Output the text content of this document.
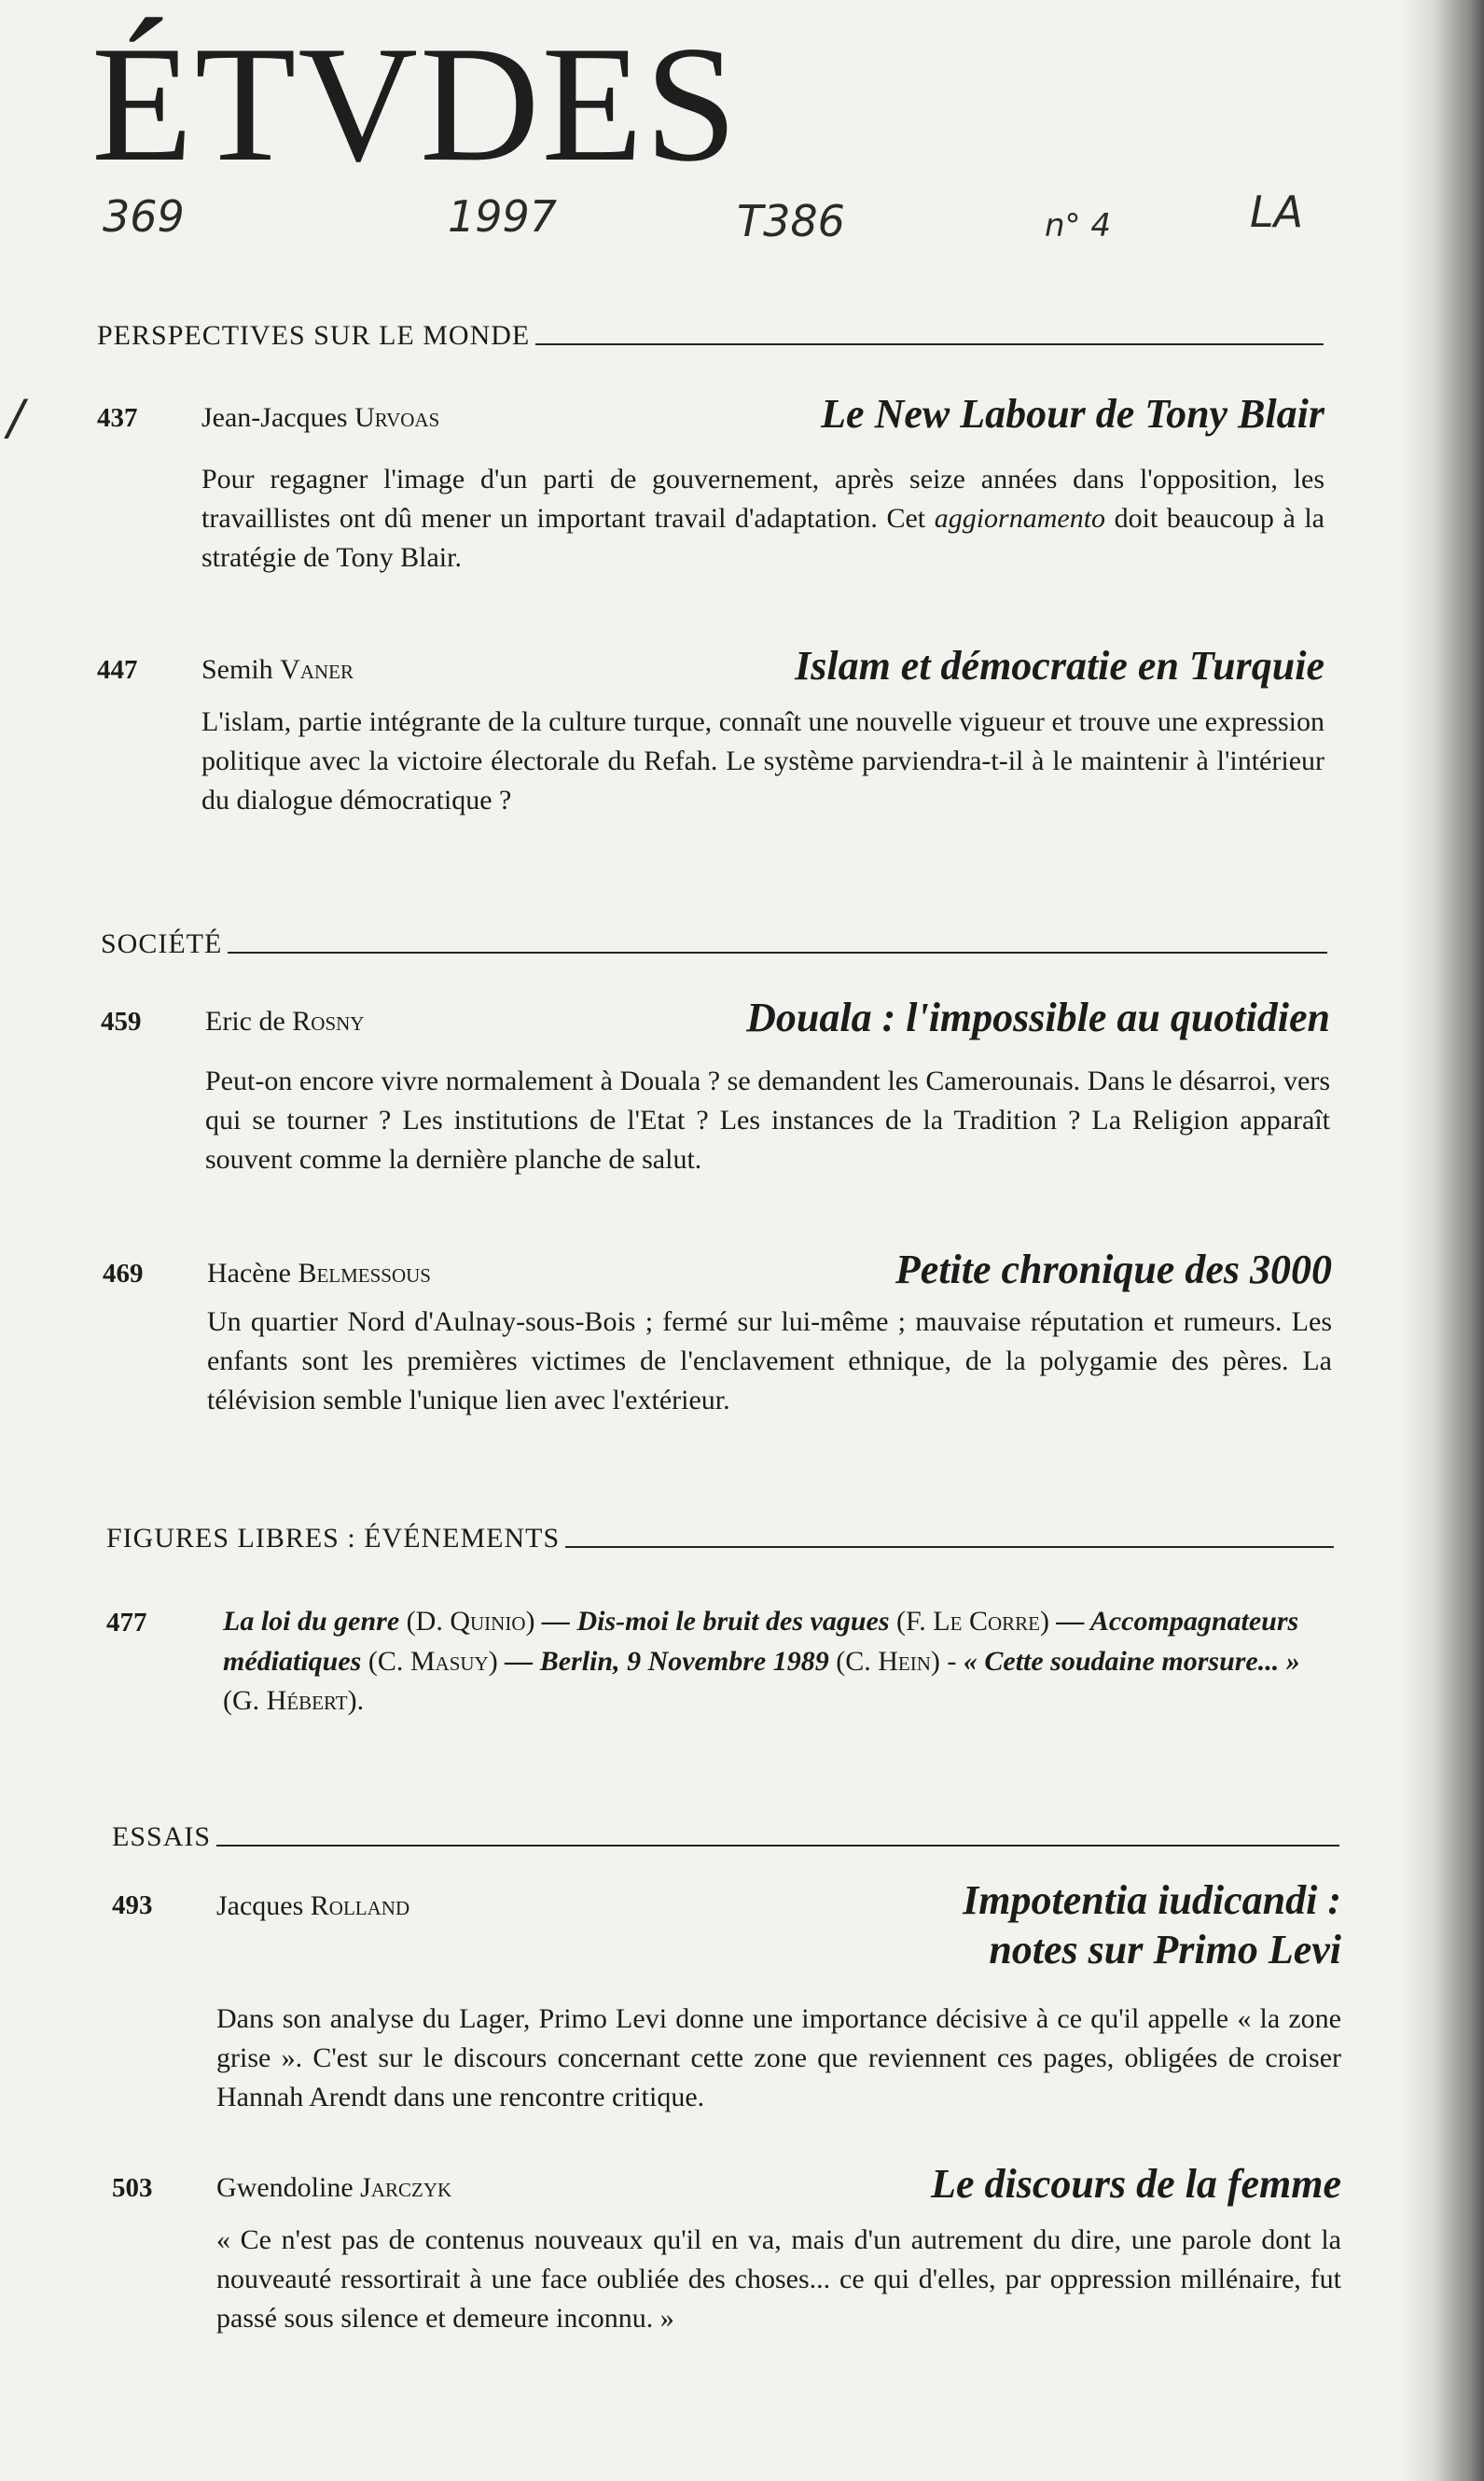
ÉTVDES
369	1997	T386	n° 4	LA
/
PERSPECTIVES SUR LE MONDE
437 Jean-Jacques Urvoas	Le New Labour de Tony Blair
Pour regagner l'image d'un parti de gouvernement, après seize années dans l'opposition, les travaillistes ont dû mener un important travail d'adaptation. Cet aggiornamento doit beaucoup à la stratégie de Tony Blair.
447 Semih Vaner	Islam et démocratie en Turquie
L'islam, partie intégrante de la culture turque, connaît une nouvelle vigueur et trouve une expression politique avec la victoire électorale du Refah. Le système parviendra-t-il à le maintenir à l'intérieur du dialogue démocratique ?
SOCIÉTÉ
459 Eric de Rosny	Douala : l'impossible au quotidien
Peut-on encore vivre normalement à Douala ? se demandent les Camerounais. Dans le désarroi, vers qui se tourner ? Les institutions de l'Etat ? Les instances de la Tradition ? La Religion apparaît souvent comme la dernière planche de salut.
469 Hacène Belmessous	Petite chronique des 3000
Un quartier Nord d'Aulnay-sous-Bois ; fermé sur lui-même ; mauvaise réputation et rumeurs. Les enfants sont les premières victimes de l'enclavement ethnique, de la polygamie des pères. La télévision semble l'unique lien avec l'extérieur.
FIGURES LIBRES : ÉVÉNEMENTS
477	La loi du genre (D. Quinio) — Dis-moi le bruit des vagues (F. Le Corre) — Accompagnateurs médiatiques (C. Masuy) — Berlin, 9 Novembre 1989 (C. Hein) - « Cette soudaine morsure... » (G. Hébert).
ESSAIS
493 Jacques Rolland	Impotentia iudicandi :
notes sur Primo Levi
Dans son analyse du Lager, Primo Levi donne une importance décisive à ce qu'il appelle « la zone grise ». C'est sur le discours concernant cette zone que reviennent ces pages, obligées de croiser Hannah Arendt dans une rencontre critique.
503 Gwendoline Jarczyk	Le discours de la femme
« Ce n'est pas de contenus nouveaux qu'il en va, mais d'un autrement du dire, une parole dont la nouveauté ressortirait à une face oubliée des choses... ce qui d'elles, par oppression millénaire, fut passé sous silence et demeure inconnu. »
